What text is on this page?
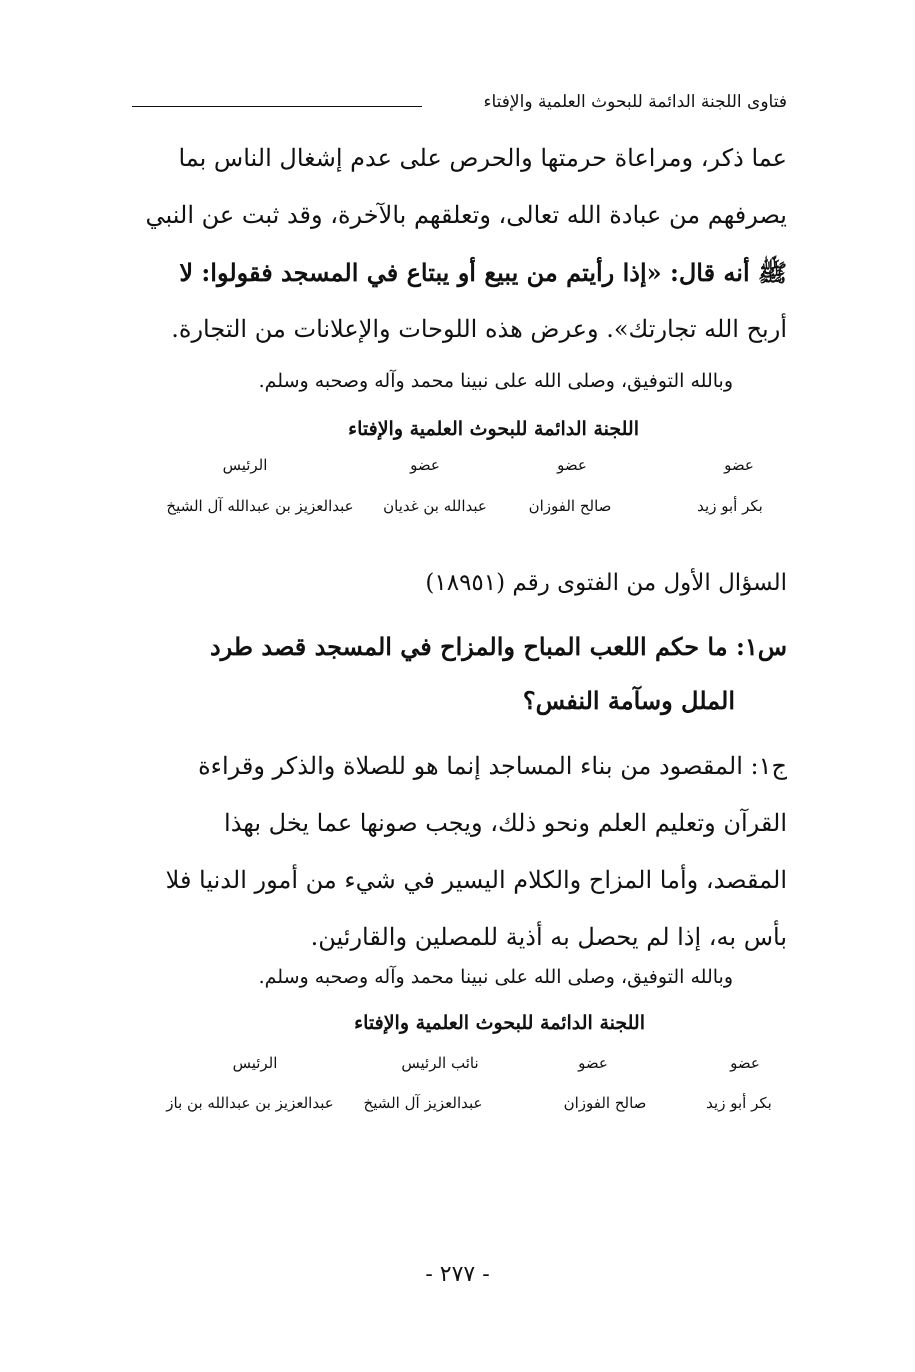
فتاوى اللجنة الدائمة للبحوث العلمية والإفتاء
عما ذكر، ومراعاة حرمتها والحرص على عدم إشغال الناس بما
يصرفهم من عبادة الله تعالى، وتعلقهم بالآخرة، وقد ثبت عن النبي
ﷺ أنه قال: «إذا رأيتم من يبيع أو يبتاع في المسجد فقولوا: لا
أربح الله تجارتك». وعرض هذه اللوحات والإعلانات من التجارة.
وبالله التوفيق، وصلى الله على نبينا محمد وآله وصحبه وسلم.
اللجنة الدائمة للبحوث العلمية والإفتاء
عضو
عضو
عضو
الرئيس
بكر أبو زيد
صالح الفوزان
عبدالله بن غديان
عبدالعزيز بن عبدالله آل الشيخ
السؤال الأول من الفتوى رقم (١٨٩٥١)
س١: ما حكم اللعب المباح والمزاح في المسجد قصد طرد
الملل وسآمة النفس؟
ج١: المقصود من بناء المساجد إنما هو للصلاة والذكر وقراءة
القرآن وتعليم العلم ونحو ذلك، ويجب صونها عما يخل بهذا
المقصد، وأما المزاح والكلام اليسير في شيء من أمور الدنيا فلا
بأس به، إذا لم يحصل به أذية للمصلين والقارئين.
وبالله التوفيق، وصلى الله على نبينا محمد وآله وصحبه وسلم.
اللجنة الدائمة للبحوث العلمية والإفتاء
عضو
عضو
نائب الرئيس
الرئيس
بكر أبو زيد
صالح الفوزان
عبدالعزيز آل الشيخ
عبدالعزيز بن عبدالله بن باز
- ٢٧٧ -
